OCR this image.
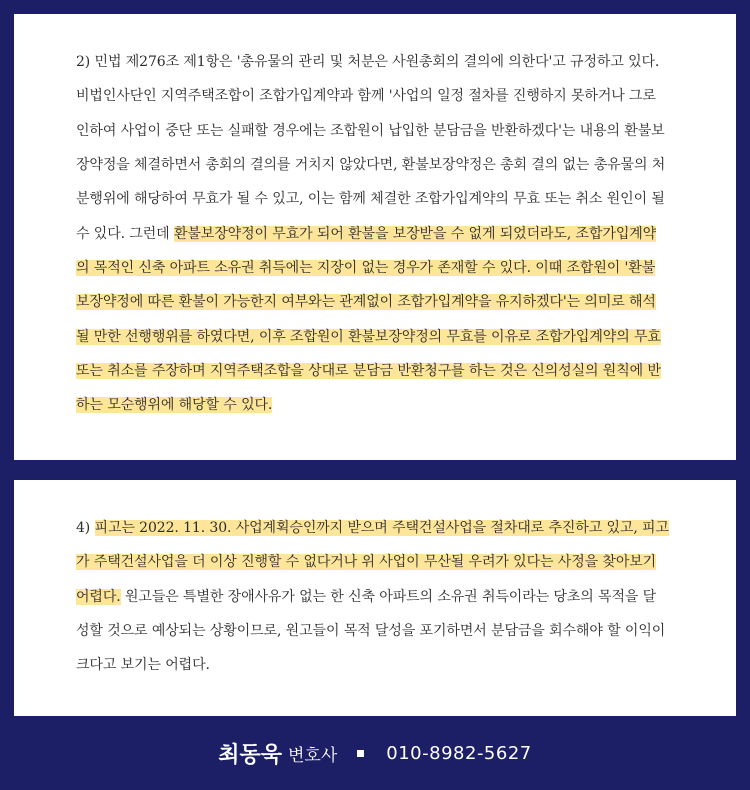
2) 민법 제276조 제1항은 '총유물의 관리 및 처분은 사원총회의 결의에 의한다'고 규정하고 있다.
비법인사단인 지역주택조합이 조합가입계약과 함께 '사업의 일정 절차를 진행하지 못하거나 그로
인하여 사업이 중단 또는 실패할 경우에는 조합원이 납입한 분담금을 반환하겠다'는 내용의 환불보
장약정을 체결하면서 총회의 결의를 거치지 않았다면, 환불보장약정은 총회 결의 없는 총유물의 처
분행위에 해당하여 무효가 될 수 있고, 이는 함께 체결한 조합가입계약의 무효 또는 취소 원인이 될
수 있다. 그런데 환불보장약정이 무효가 되어 환불을 보장받을 수 없게 되었더라도, 조합가입계약
의 목적인 신축 아파트 소유권 취득에는 지장이 없는 경우가 존재할 수 있다. 이때 조합원이 '환불
보장약정에 따른 환불이 가능한지 여부와는 관계없이 조합가입계약을 유지하겠다'는 의미로 해석
될 만한 선행행위를 하였다면, 이후 조합원이 환불보장약정의 무효를 이유로 조합가입계약의 무효
또는 취소를 주장하며 지역주택조합을 상대로 분담금 반환청구를 하는 것은 신의성실의 원칙에 반
하는 모순행위에 해당할 수 있다.
4) 피고는 2022. 11. 30. 사업계획승인까지 받으며 주택건설사업을 절차대로 추진하고 있고, 피고
가 주택건설사업을 더 이상 진행할 수 없다거나 위 사업이 무산될 우려가 있다는 사정을 찾아보기
어렵다. 원고들은 특별한 장애사유가 없는 한 신축 아파트의 소유권 취득이라는 당초의 목적을 달
성할 것으로 예상되는 상황이므로, 원고들이 목적 달성을 포기하면서 분담금을 회수해야 할 이익이
크다고 보기는 어렵다.
최동욱 변호사	010-8982-5627
